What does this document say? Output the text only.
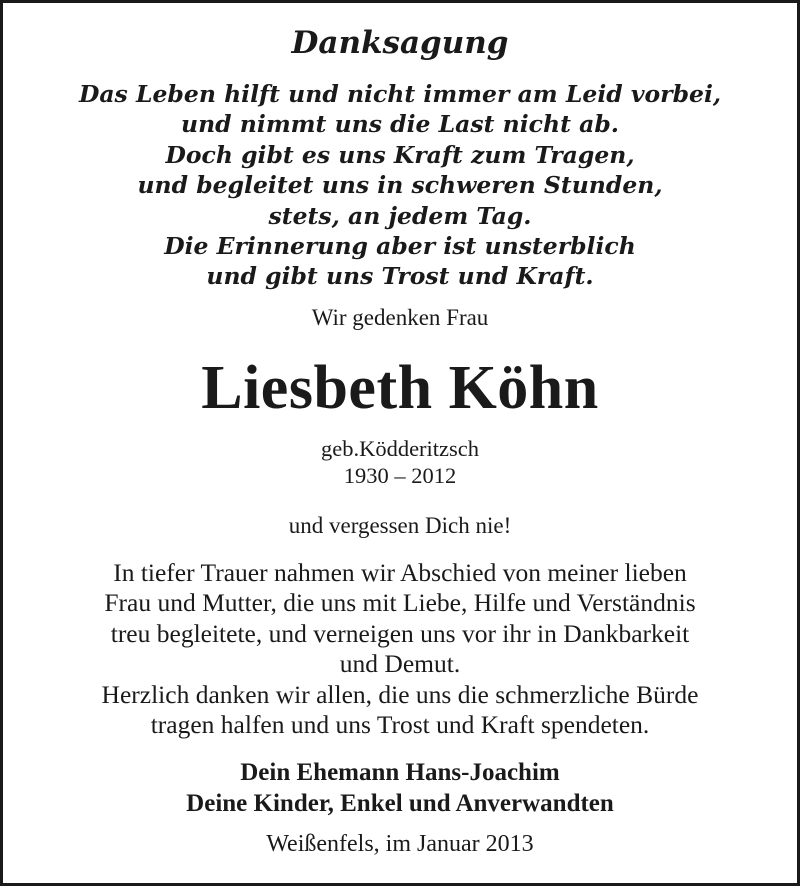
Danksagung
Das Leben hilft und nicht immer am Leid vorbei,
und nimmt uns die Last nicht ab.
Doch gibt es uns Kraft zum Tragen,
und begleitet uns in schweren Stunden,
stets, an jedem Tag.
Die Erinnerung aber ist unsterblich
und gibt uns Trost und Kraft.

Wir gedenken Frau

Liesbeth Köhn

geb.Ködderitzsch
1930 – 2012

und vergessen Dich nie!

In tiefer Trauer nahmen wir Abschied von meiner lieben
Frau und Mutter, die uns mit Liebe, Hilfe und Verständnis
treu begleitete, und verneigen uns vor ihr in Dankbarkeit
und Demut.
Herzlich danken wir allen, die uns die schmerzliche Bürde
tragen halfen und uns Trost und Kraft spendeten.
Dein Ehemann Hans-Joachim
Deine Kinder, Enkel und Anverwandten

Weißenfels, im Januar 2013
